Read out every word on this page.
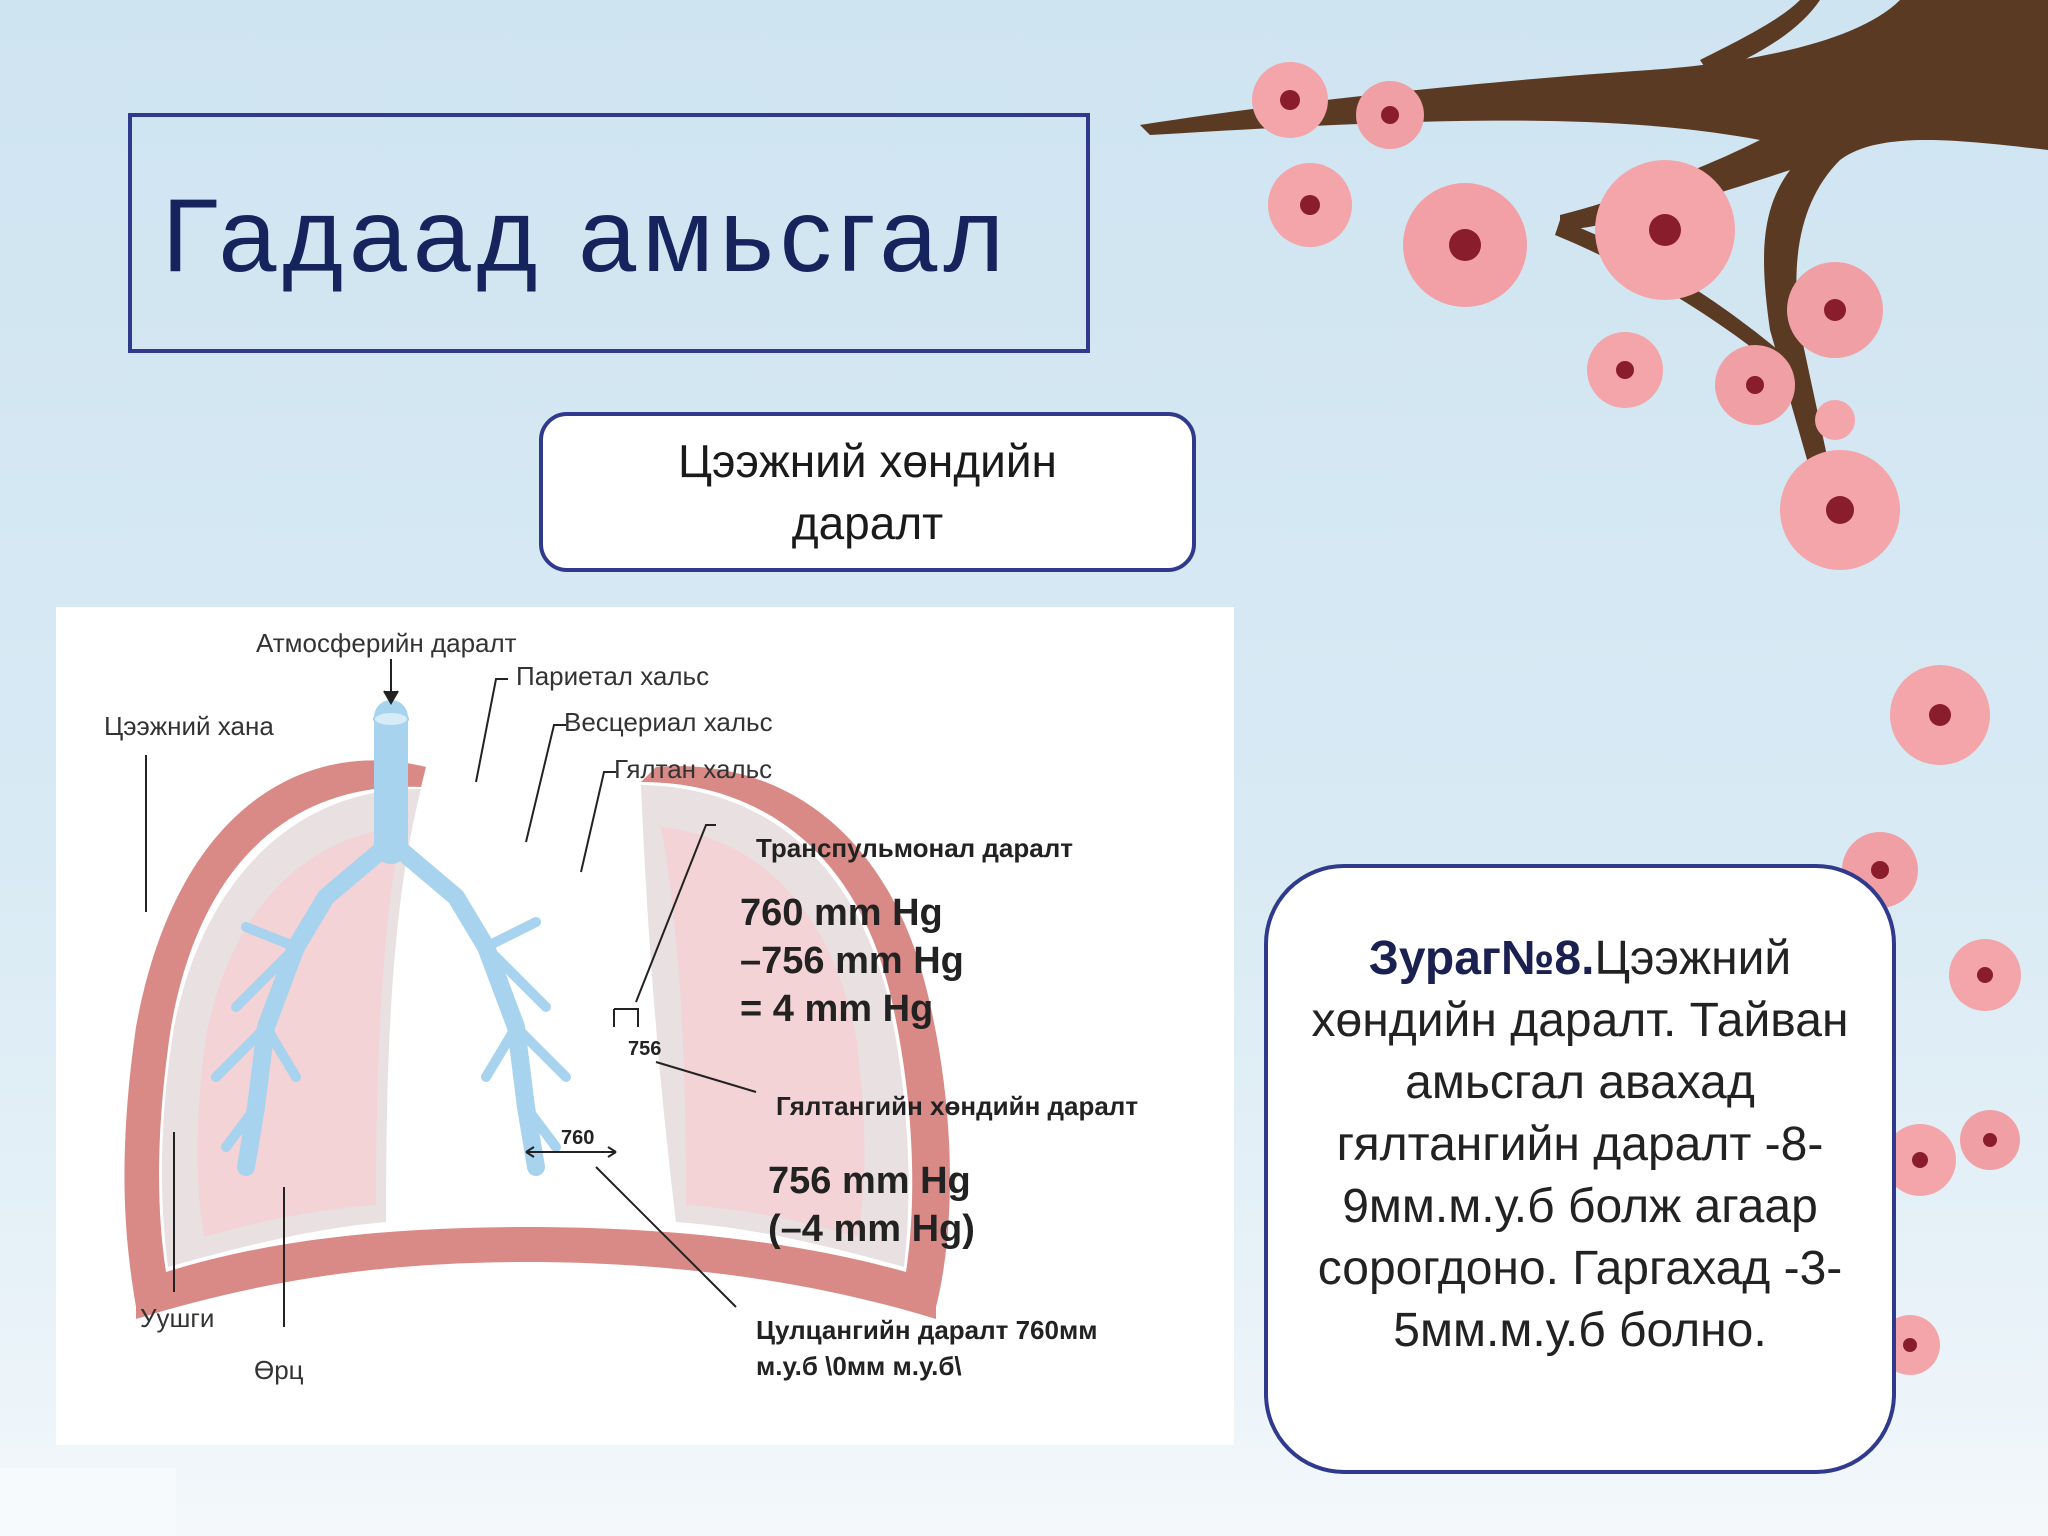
Гадаад амьсгал
Цээжний хөндийн даралт
Атмосферийн даралт
Париетал хальс
Цээжний хана	Весцериал хальс
Гялтан хальс
Транспульмонал даралт
760 mm Hg
–756 mm Hg
= 4 mm Hg
756
Гялтангийн хөндийн даралт
760
756 mm Hg
(–4 mm Hg)
Цулцангийн даралт 760мм
м.у.б \0мм м.у.б\
Уушги
Өрц

Зураг№8.Цээжний хөндийн даралт. Тайван амьсгал авахад гялтангийн даралт -8-9мм.м.у.б болж агаар сорогдоно. Гаргахад -3-5мм.м.у.б болно.
